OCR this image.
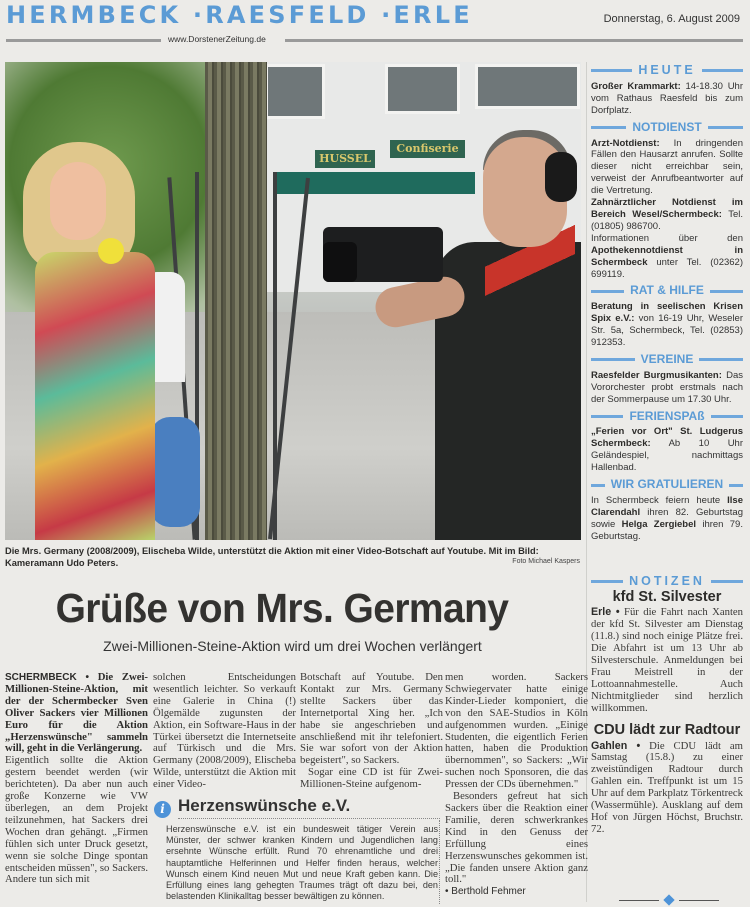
HERMBECK ·RAESFELD ·ERLE	Donnerstag, 6. August 2009
www.DorstenerZeitung.de
HUSSEL
Confiserie
Die Mrs. Germany (2008/2009), Elischeba Wilde, unterstützt die Aktion mit einer Video-Botschaft auf Youtube. Mit im Bild: Kameramann Udo Peters.	Foto Michael Kaspers
Grüße von Mrs. Germany
Zwei-Millionen-Steine-Aktion wird um drei Wochen verlängert

SCHERMBECK • Die Zwei-Millionen-Steine-Aktion, mit der der Schermbecker Sven Oliver Sackers vier Millionen Euro für die Aktion „Herzenswünsche" sammeln will, geht in die Verlängerung.

Eigentlich sollte die Aktion gestern beendet werden (wir berichteten). Da aber nun auch große Konzerne wie VW überlegen, an dem Projekt teilzunehmen, hat Sackers drei Wochen dran gehängt. „Firmen fühlen sich unter Druck gesetzt, wenn sie solche Dinge spontan entscheiden müssen", so Sackers. Andere tun sich mit

solchen Entscheidungen wesentlich leichter. So verkauft eine Galerie in China (!) Ölgemälde zugunsten der Aktion, ein Software-Haus in der Türkei übersetzt die Internetseite auf Türkisch und die Mrs. Germany (2008/2009), Elischeba Wilde, unterstützt die Aktion mit einer Video-

Botschaft auf Youtube. Den Kontakt zur Mrs. Germany stellte Sackers über das Internetportal Xing her. „Ich habe sie angeschrieben und anschließend mit ihr telefoniert. Sie war sofort von der Aktion begeistert", so Sackers.

Sogar eine CD ist für Zwei-Millionen-Steine aufgenom-

men worden. Sackers Schwiegervater hatte einige Kinder-Lieder komponiert, die von den SAE-Studios in Köln aufgenommen wurden. „Einige Studenten, die eigentlich Ferien hatten, haben die Produktion übernommen", so Sackers: „Wir suchen noch Sponsoren, die das Pressen der CDs übernehmen."

Besonders gefreut hat sich Sackers über die Reaktion einer Familie, deren schwerkrankes Kind in den Genuss der Erfüllung eines Herzenswunsches gekommen ist. „Die fanden unsere Aktion ganz toll."

• Berthold Fehmer

i Herzenswünsche e.V.
Herzenswünsche e.V. ist ein bundesweit tätiger Verein aus Münster, der schwer kranken Kindern und Jugendlichen lang ersehnte Wünsche erfüllt. Rund 70 ehrenamtliche und drei hauptamtliche Helferinnen und Helfer finden heraus, welcher Wunsch einem Kind neuen Mut und neue Kraft geben kann. Die Erfüllung eines lang gehegten Traumes trägt oft dazu bei, den belastenden Klinikalltag besser bewältigen zu können.
HEUTE
Großer Krammarkt: 14-18.30 Uhr vom Rathaus Raesfeld bis zum Dorfplatz.
NOTDIENST
Arzt-Notdienst: In dringenden Fällen den Hausarzt anrufen. Sollte dieser nicht erreichbar sein, verweist der Anrufbeantworter auf die Vertretung.
Zahnärztlicher Notdienst im Bereich Wesel/Schermbeck: Tel. (01805) 986700.
Informationen über den Apothekennotdienst in Schermbeck unter Tel. (02362) 699119.
RAT & HILFE
Beratung in seelischen Krisen Spix e.V.: von 16-19 Uhr, Weseler Str. 5a, Schermbeck, Tel. (02853) 912353.
VEREINE
Raesfelder Burgmusikanten: Das Vororchester probt erstmals nach der Sommerpause um 17.30 Uhr.
FERIENSPAß
„Ferien vor Ort" St. Ludgerus Schermbeck: Ab 10 Uhr Geländespiel, nachmittags Hallenbad.
WIR GRATULIEREN
In Schermbeck feiern heute Ilse Clarendahl ihren 82. Geburtstag sowie Helga Zergiebel ihren 79. Geburtstag.
NOTIZEN
kfd St. Silvester
Erle • Für die Fahrt nach Xanten der kfd St. Silvester am Dienstag (11.8.) sind noch einige Plätze frei. Die Abfahrt ist um 13 Uhr ab Silvesterschule. Anmeldungen bei Frau Meistrell in der Lottoannahmestelle. Auch Nichtmitglieder sind herzlich willkommen.
CDU lädt zur Radtour
Gahlen • Die CDU lädt am Samstag (15.8.) zu einer zweistündigen Radtour durch Gahlen ein. Treffpunkt ist um 15 Uhr auf dem Parkplatz Törkentreck (Wassermühle). Ausklang auf dem Hof von Jürgen Höchst, Bruchstr. 72.
